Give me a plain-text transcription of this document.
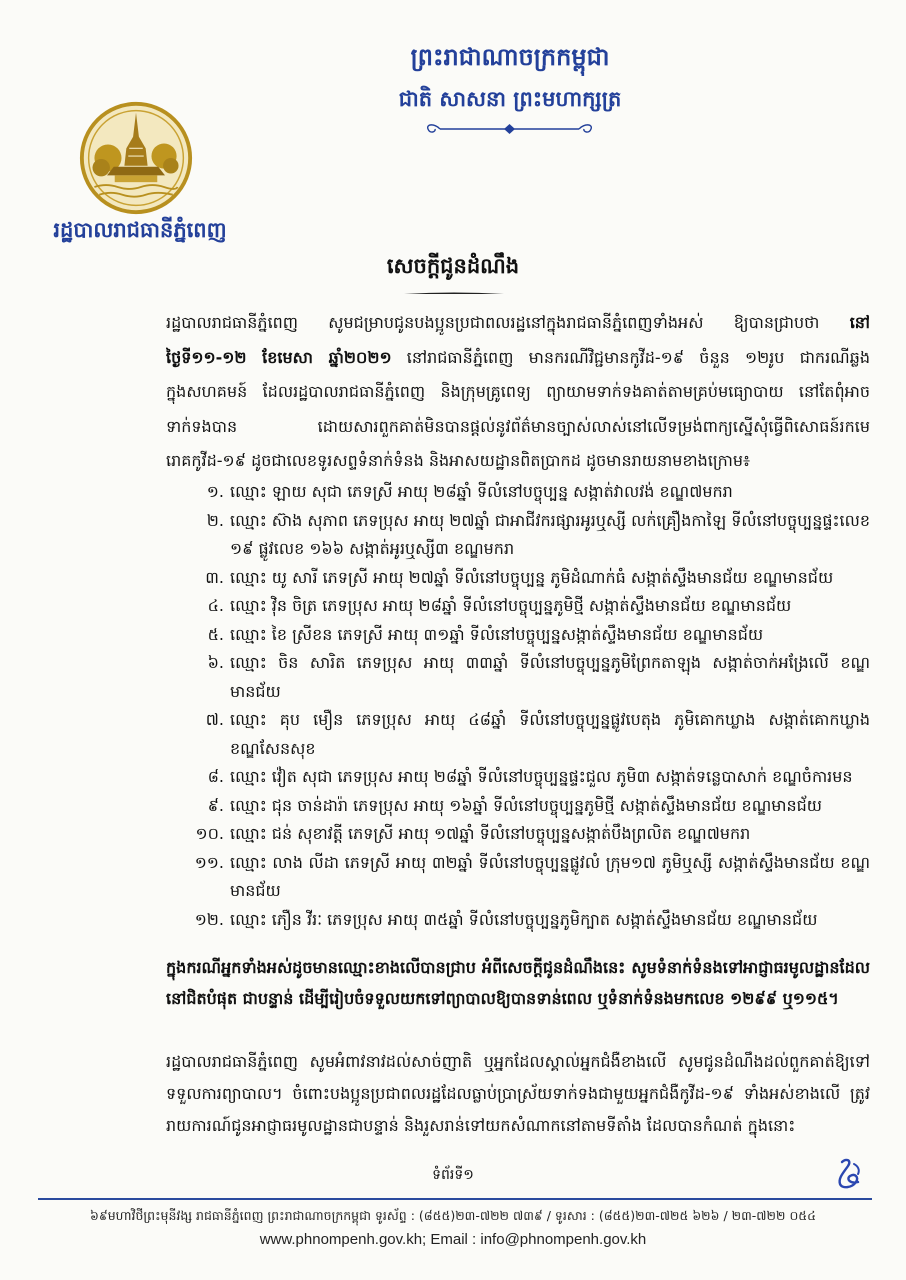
ព្រះរាជាណាចក្រកម្ពុជា
ជាតិ សាសនា ព្រះមហាក្សត្រ
រដ្ឋបាលរាជធានីភ្នំពេញ
សេចក្តីជូនដំណឹង

រដ្ឋបាលរាជធានីភ្នំពេញ សូមជម្រាបជូនបងប្អូនប្រជាពលរដ្ឋនៅក្នុងរាជធានីភ្នំពេញទាំងអស់ ឱ្យបានជ្រាបថា នៅថ្ងៃទី១១-១២ ខែមេសា ឆ្នាំ២០២១ នៅរាជធានីភ្នំពេញ មានករណីវិជ្ជមានកូវីដ-១៩ ចំនួន ១២រូប ជាករណីឆ្លងក្នុងសហគមន៍ ដែលរដ្ឋបាលរាជធានីភ្នំពេញ និងក្រុមគ្រូពេទ្យ ព្យាយាមទាក់ទងគាត់តាមគ្រប់មធ្យោបាយ នៅតែពុំអាចទាក់ទងបាន ដោយសារពួកគាត់មិនបានផ្តល់នូវព័ត៌មានច្បាស់លាស់នៅលើទម្រង់ពាក្យស្នើសុំធ្វើពិសោធន៍រកមេរោគកូវីដ-១៩ ដូចជាលេខទូរសព្ទទំនាក់ទំនង និងអាសយដ្ឋានពិតប្រាកដ ដូចមានរាយនាមខាងក្រោម៖

១. ឈ្មោះ ឡាយ សុជា ភេទស្រី អាយុ ២៨ឆ្នាំ ទីលំនៅបច្ចុប្បន្ន សង្កាត់វាលវង់ ខណ្ឌ៧មករា
២. ឈ្មោះ ស៊ាង សុភាព ភេទប្រុស អាយុ ២៧ឆ្នាំ ជាអាជីវករផ្សារអូរឬស្សី លក់គ្រឿងកាឡៃ ទីលំនៅបច្ចុប្បន្នផ្ទះលេខ ១៩ ផ្លូវលេខ ១៦៦ សង្កាត់អូរឬស្សី៣ ខណ្ឌមករា
៣. ឈ្មោះ យូ សារី ភេទស្រី អាយុ ២៧ឆ្នាំ ទីលំនៅបច្ចុប្បន្ន ភូមិដំណាក់ធំ សង្កាត់ស្ទឹងមានជ័យ ខណ្ឌមានជ័យ
៤. ឈ្មោះ វ៉ិន ចិត្រ ភេទប្រុស អាយុ ២៨ឆ្នាំ ទីលំនៅបច្ចុប្បន្នភូមិថ្មី សង្កាត់ស្ទឹងមានជ័យ ខណ្ឌមានជ័យ
៥. ឈ្មោះ ខៃ ស្រីខន ភេទស្រី អាយុ ៣១ឆ្នាំ ទីលំនៅបច្ចុប្បន្នសង្កាត់ស្ទឹងមានជ័យ ខណ្ឌមានជ័យ
៦. ឈ្មោះ ចិន សារិត ភេទប្រុស អាយុ ៣៣ឆ្នាំ ទីលំនៅបច្ចុប្បន្នភូមិព្រែកតាឡុង សង្កាត់ចាក់អង្រែលើ ខណ្ឌមានជ័យ
៧. ឈ្មោះ គុប មឿន ភេទប្រុស អាយុ ៤៨ឆ្នាំ ទីលំនៅបច្ចុប្បន្នផ្លូវបេតុង ភូមិគោកឃ្លាង សង្កាត់គោកឃ្លាង ខណ្ឌសែនសុខ
៨. ឈ្មោះ វ៉ៀត សុជា ភេទប្រុស អាយុ ២៨ឆ្នាំ ទីលំនៅបច្ចុប្បន្នផ្ទះជួល ភូមិ៣ សង្កាត់ទន្លេបាសាក់ ខណ្ឌចំការមន
៩. ឈ្មោះ ជុន ចាន់ដារ៉ា ភេទប្រុស អាយុ ១៦ឆ្នាំ ទីលំនៅបច្ចុប្បន្នភូមិថ្មី សង្កាត់ស្ទឹងមានជ័យ ខណ្ឌមានជ័យ
១០. ឈ្មោះ ជន់ សុខាវត្តី ភេទស្រី អាយុ ១៧ឆ្នាំ ទីលំនៅបច្ចុប្បន្នសង្កាត់បឹងព្រលិត ខណ្ឌ៧មករា
១១. ឈ្មោះ លាង លីដា ភេទស្រី អាយុ ៣២ឆ្នាំ ទីលំនៅបច្ចុប្បន្នផ្លូវលំ ក្រុម១៧ ភូមិឬស្សី សង្កាត់ស្ទឹងមានជ័យ ខណ្ឌមានជ័យ
១២. ឈ្មោះ ភឿន វីរៈ ភេទប្រុស អាយុ ៣៥ឆ្នាំ ទីលំនៅបច្ចុប្បន្នភូមិក្បាត សង្កាត់ស្ទឹងមានជ័យ ខណ្ឌមានជ័យ
ក្នុងករណីអ្នកទាំងអស់ដូចមានឈ្មោះខាងលើបានជ្រាប អំពីសេចក្តីជូនដំណឹងនេះ សូមទំនាក់ទំនងទៅអាជ្ញាធរមូលដ្ឋានដែលនៅជិតបំផុត ជាបន្ទាន់ ដើម្បីរៀបចំទទួលយកទៅព្យាបាលឱ្យបានទាន់ពេល ឬទំនាក់ទំនងមកលេខ ១២៩៩ ឬ១១៥។
រដ្ឋបាលរាជធានីភ្នំពេញ សូមអំពាវនាវដល់សាច់ញាតិ ឬអ្នកដែលស្គាល់អ្នកជំងឺខាងលើ សូមជូនដំណឹងដល់ពួកគាត់ឱ្យទៅទទួលការព្យាបាល។ ចំពោះបងប្អូនប្រជាពលរដ្ឋដែលធ្លាប់ប្រាស្រ័យទាក់ទងជាមួយអ្នកជំងឺកូវីដ-១៩ ទាំងអស់ខាងលើ ត្រូវរាយការណ៍ជូនអាជ្ញាធរមូលដ្ឋានជាបន្ទាន់ និងរួសរាន់ទៅយកសំណាកនៅតាមទីតាំង ដែលបានកំណត់ ក្នុងនោះ
ទំព័រទី១
៦៩មហាវិថីព្រះមុនីវង្ស រាជធានីភ្នំពេញ ព្រះរាជាណាចក្រកម្ពុជា ទូរស័ព្ទ : (៨៥៥)២៣-៧២២ ៧៣៩ / ទូរសារ : (៨៥៥)២៣-៧២៥ ៦២៦ / ២៣-៧២២ ០៥៤
www.phnompenh.gov.kh; Email : info@phnompenh.gov.kh
